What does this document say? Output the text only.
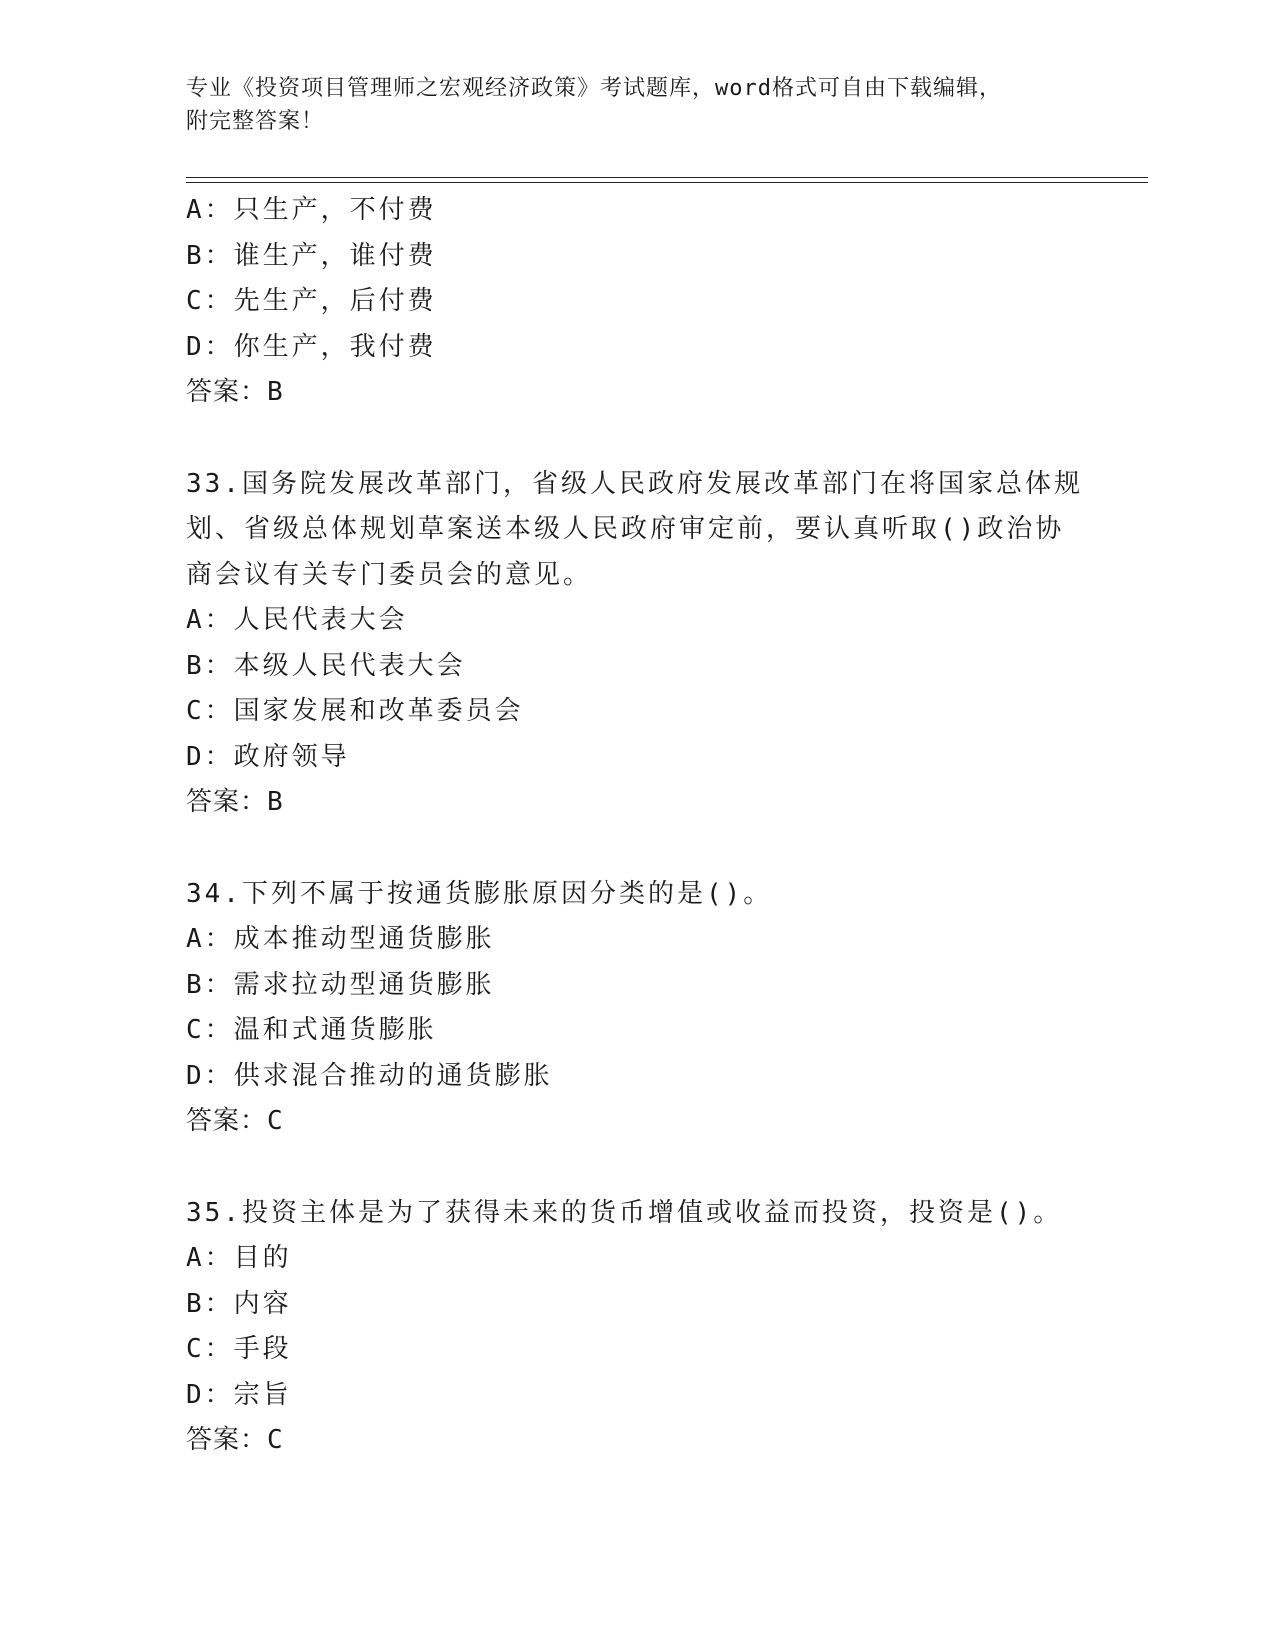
专业《投资项目管理师之宏观经济政策》考试题库，word格式可自由下载编辑，
附完整答案！
A：只生产，不付费
B：谁生产，谁付费
C：先生产，后付费
D：你生产，我付费
答案：B
33.国务院发展改革部门，省级人民政府发展改革部门在将国家总体规
划、省级总体规划草案送本级人民政府审定前，要认真听取()政治协
商会议有关专门委员会的意见。
A：人民代表大会
B：本级人民代表大会
C：国家发展和改革委员会
D：政府领导
答案：B
34.下列不属于按通货膨胀原因分类的是()。
A：成本推动型通货膨胀
B：需求拉动型通货膨胀
C：温和式通货膨胀
D：供求混合推动的通货膨胀
答案：C
35.投资主体是为了获得未来的货币增值或收益而投资，投资是()。
A：目的
B：内容
C：手段
D：宗旨
答案：C
